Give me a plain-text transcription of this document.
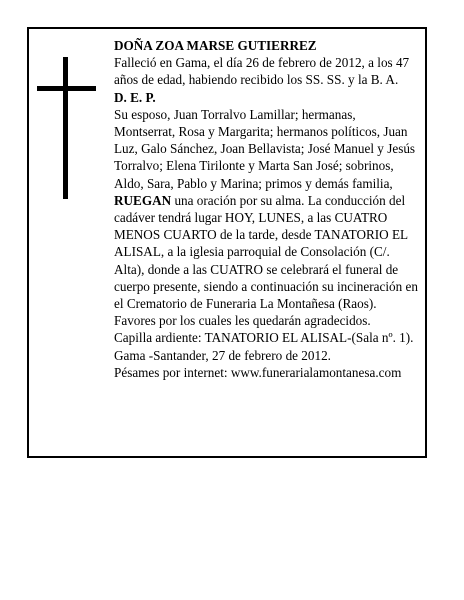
DOÑA ZOA MARSE GUTIERREZ

Falleció en Gama, el día 26 de febrero de 2012, a los 47 años de edad, habiendo recibido los SS. SS. y la B. A.

D. E. P.

Su esposo, Juan Torralvo Lamillar; hermanas, Montserrat, Rosa y Margarita; hermanos políticos, Juan Luz, Galo Sánchez, Joan Bellavista; José Manuel y Jesús Torralvo; Elena Tirilonte y Marta San José; sobrinos, Aldo, Sara, Pablo y Marina; primos y demás familia,

RUEGAN una oración por su alma. La conducción del cadáver tendrá lugar HOY, LUNES, a las CUATRO MENOS CUARTO de la tarde, desde TANATORIO EL ALISAL, a la iglesia parroquial de Consolación (C/. Alta), donde a las CUATRO se celebrará el funeral de cuerpo presente, siendo a continuación su incineración en el Crematorio de Funeraria La Montañesa (Raos). Favores por los cuales les quedarán agradecidos.

Capilla ardiente: TANATORIO EL ALISAL-(Sala nº. 1).

Gama -Santander, 27 de febrero de 2012.

Pésames por internet: www.funerarialamontanesa.com
